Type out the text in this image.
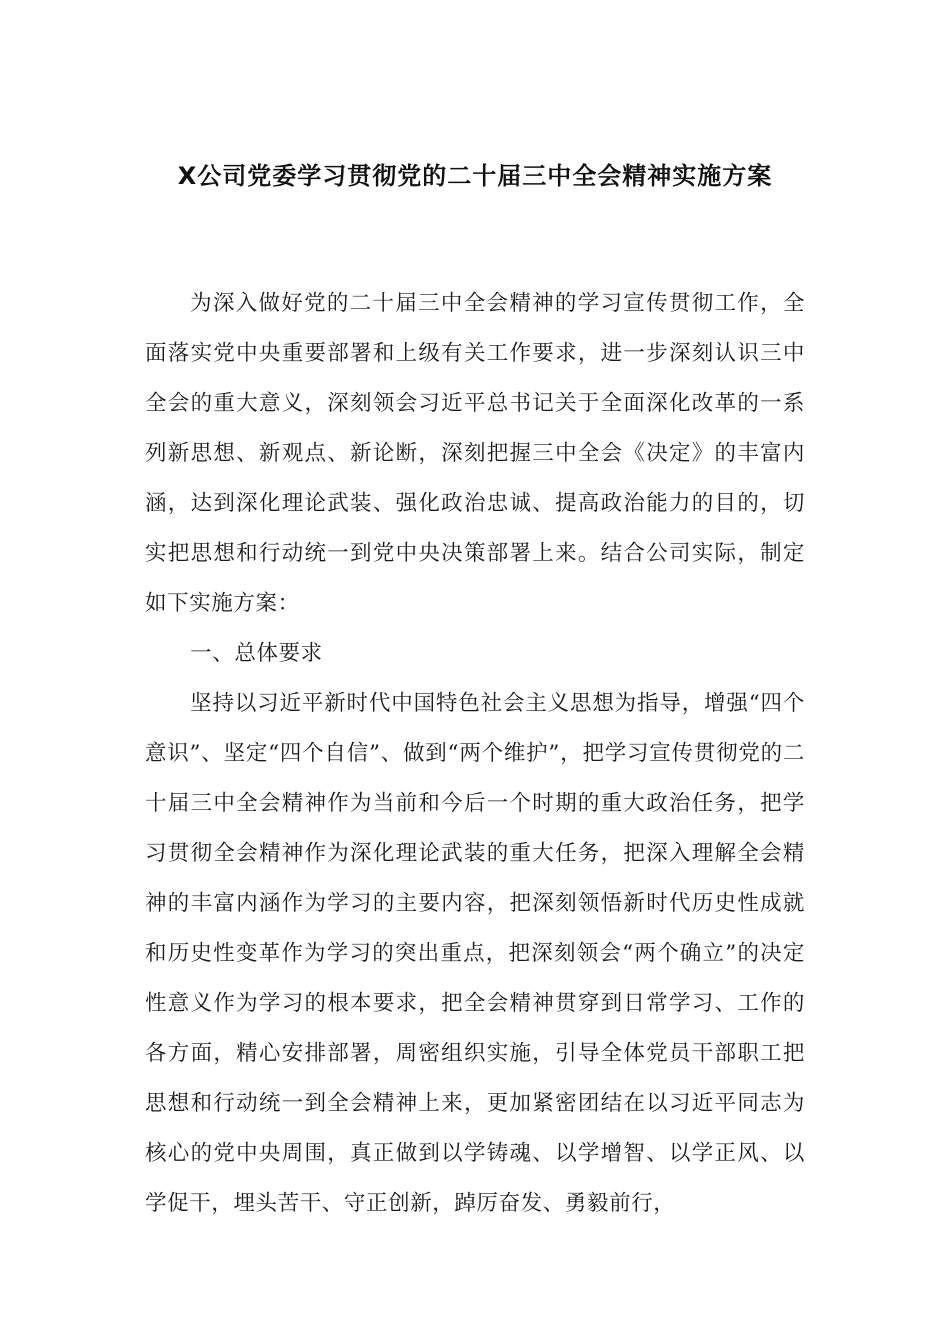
X公司党委学习贯彻党的二十届三中全会精神实施方案

为深入做好党的二十届三中全会精神的学习宣传贯彻工作，全面落实党中央重要部署和上级有关工作要求，进一步深刻认识三中全会的重大意义，深刻领会习近平总书记关于全面深化改革的一系列新思想、新观点、新论断，深刻把握三中全会《决定》的丰富内涵，达到深化理论武装、强化政治忠诚、提高政治能力的目的，切实把思想和行动统一到党中央决策部署上来。结合公司实际，制定如下实施方案：

一、总体要求

坚持以习近平新时代中国特色社会主义思想为指导，增强“四个意识”、坚定“四个自信”、做到“两个维护”，把学习宣传贯彻党的二十届三中全会精神作为当前和今后一个时期的重大政治任务，把学习贯彻全会精神作为深化理论武装的重大任务，把深入理解全会精神的丰富内涵作为学习的主要内容，把深刻领悟新时代历史性成就和历史性变革作为学习的突出重点，把深刻领会“两个确立”的决定性意义作为学习的根本要求，把全会精神贯穿到日常学习、工作的各方面，精心安排部署，周密组织实施，引导全体党员干部职工把思想和行动统一到全会精神上来，更加紧密团结在以习近平同志为核心的党中央周围，真正做到以学铸魂、以学增智、以学正风、以学促干，埋头苦干、守正创新，踔厉奋发、勇毅前行，
